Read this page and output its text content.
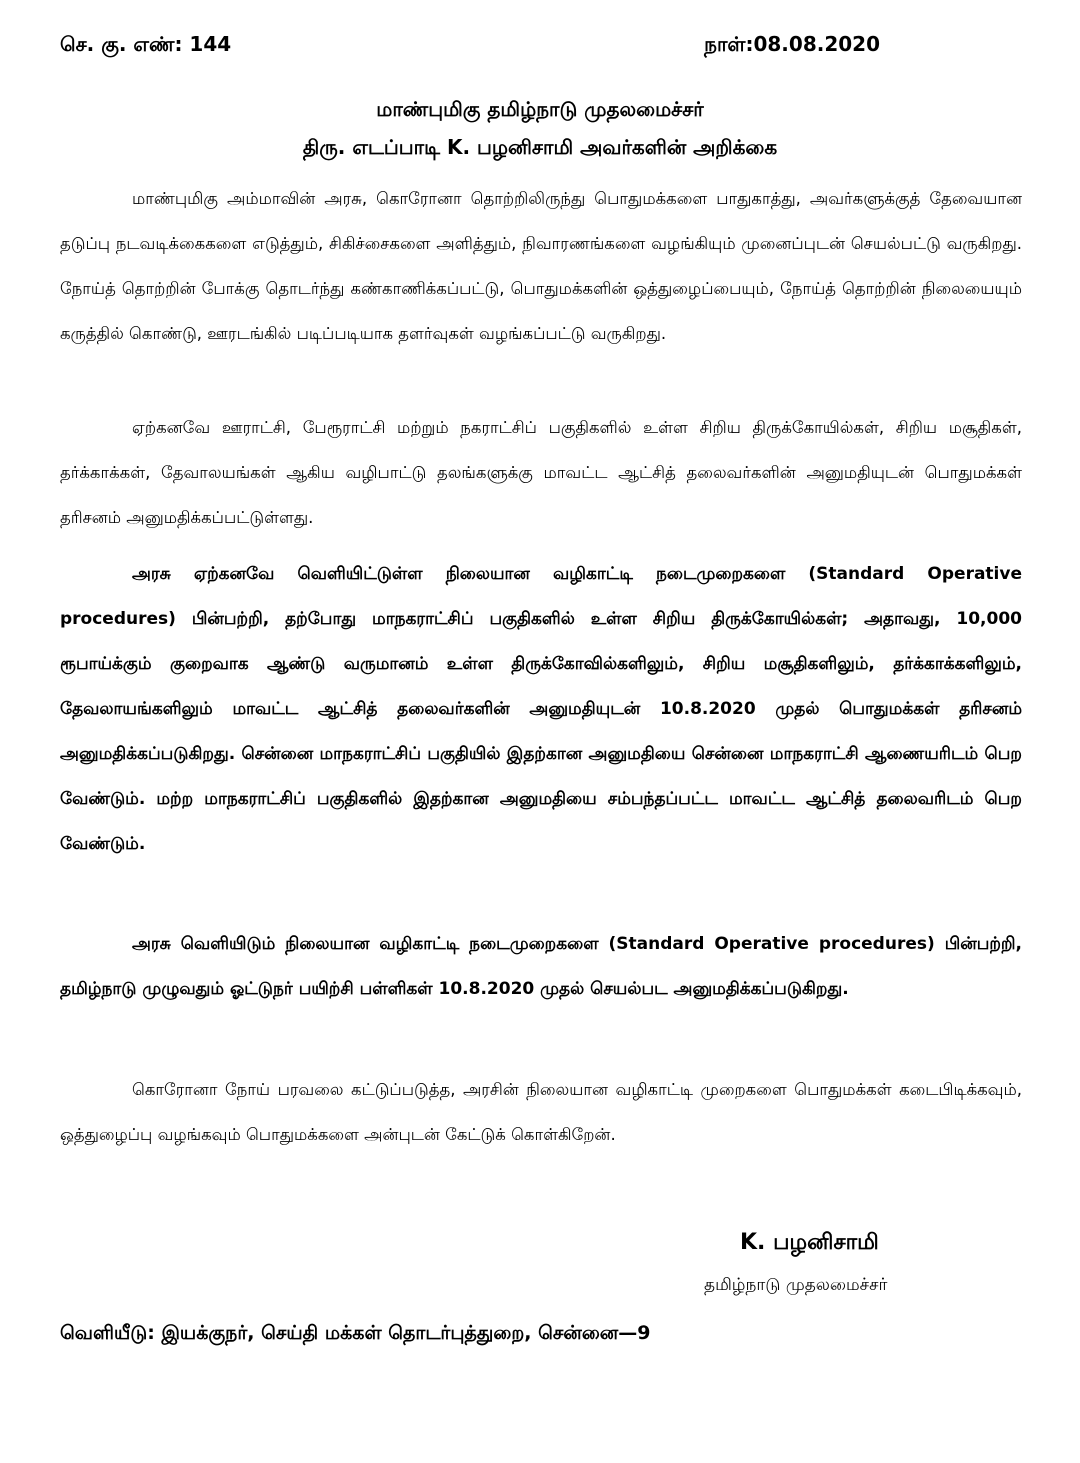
செ. கு. எண்: 144	நாள்:08.08.2020
மாண்புமிகு தமிழ்நாடு முதலமைச்சர்
திரு. எடப்பாடி K. பழனிசாமி அவர்களின் அறிக்கை

மாண்புமிகு அம்மாவின் அரசு, கொரோனா தொற்றிலிருந்து பொதுமக்களை பாதுகாத்து, அவர்களுக்குத் தேவையான தடுப்பு நடவடிக்கைகளை எடுத்தும், சிகிச்சைகளை அளித்தும், நிவாரணங்களை வழங்கியும் முனைப்புடன் செயல்பட்டு வருகிறது. நோய்த் தொற்றின் போக்கு தொடர்ந்து கண்காணிக்கப்பட்டு, பொதுமக்களின் ஒத்துழைப்பையும், நோய்த் தொற்றின் நிலையையும் கருத்தில் கொண்டு, ஊரடங்கில் படிப்படியாக தளர்வுகள் வழங்கப்பட்டு வருகிறது.

ஏற்கனவே ஊராட்சி, பேரூராட்சி மற்றும் நகராட்சிப் பகுதிகளில் உள்ள சிறிய திருக்கோயில்கள், சிறிய மசூதிகள், தர்க்காக்கள், தேவாலயங்கள் ஆகிய வழிபாட்டு தலங்களுக்கு மாவட்ட ஆட்சித் தலைவர்களின் அனுமதியுடன் பொதுமக்கள் தரிசனம் அனுமதிக்கப்பட்டுள்ளது.

அரசு ஏற்கனவே வெளியிட்டுள்ள நிலையான வழிகாட்டி நடைமுறைகளை (Standard Operative procedures) பின்பற்றி, தற்போது மாநகராட்சிப் பகுதிகளில் உள்ள சிறிய திருக்கோயில்கள்; அதாவது, 10,000 ரூபாய்க்கும் குறைவாக ஆண்டு வருமானம் உள்ள திருக்கோவில்களிலும், சிறிய மசூதிகளிலும், தர்க்காக்களிலும், தேவலாயங்களிலும் மாவட்ட ஆட்சித் தலைவர்களின் அனுமதியுடன் 10.8.2020 முதல் பொதுமக்கள் தரிசனம் அனுமதிக்கப்படுகிறது. சென்னை மாநகராட்சிப் பகுதியில் இதற்கான அனுமதியை சென்னை மாநகராட்சி ஆணையரிடம் பெற வேண்டும். மற்ற மாநகராட்சிப் பகுதிகளில் இதற்கான அனுமதியை சம்பந்தப்பட்ட மாவட்ட ஆட்சித் தலைவரிடம் பெற வேண்டும்.

அரசு வெளியிடும் நிலையான வழிகாட்டி நடைமுறைகளை (Standard Operative procedures) பின்பற்றி, தமிழ்நாடு முழுவதும் ஓட்டுநர் பயிற்சி பள்ளிகள் 10.8.2020 முதல் செயல்பட அனுமதிக்கப்படுகிறது.

கொரோனா நோய் பரவலை கட்டுப்படுத்த, அரசின் நிலையான வழிகாட்டி முறைகளை பொதுமக்கள் கடைபிடிக்கவும், ஒத்துழைப்பு வழங்கவும் பொதுமக்களை அன்புடன் கேட்டுக் கொள்கிறேன்.

K. பழனிசாமி
தமிழ்நாடு முதலமைச்சர்
வெளியீடு: இயக்குநர், செய்தி மக்கள் தொடர்புத்துறை, சென்னை—9
